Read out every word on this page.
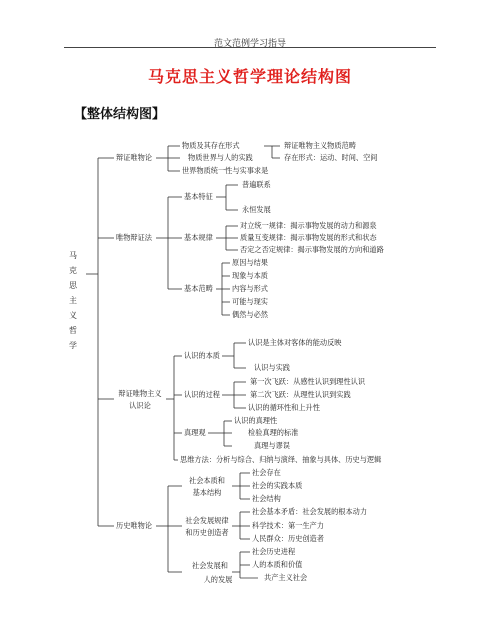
范文范例学习指导
马克思主义哲学理论结构图
【整体结构图】
马
克
思
主
义
哲
学
辩证唯物论
唯物辩证法
辩证唯物主义
认识论
历史唯物论
物质及其存在形式	辩证唯物主义物质范畴
存在形式：运动、时间、空间
物质世界与人的实践
世界物质统一性与实事求是
基本特征
普遍联系
永恒发展
基本规律
对立统一规律：揭示事物发展的动力和源泉
质量互变规律：揭示事物发展的形式和状态
否定之否定规律：揭示事物发展的方向和道路
基本范畴
原因与结果
现象与本质
内容与形式
可能与现实
偶然与必然
认识的本质
认识是主体对客体的能动反映
认识与实践
认识的过程
第一次飞跃：从感性认识到理性认识
第二次飞跃：从理性认识到实践
认识的循环性和上升性
真理观
认识的真理性
检验真理的标准
真理与谬误
思维方法：分析与综合、归纳与演绎、抽象与具体、历史与逻辑
社会本质和
基本结构
社会存在
社会的实践本质
社会结构
社会发展规律
和历史创造者
社会基本矛盾：社会发展的根本动力
科学技术：第一生产力
人民群众：历史创造者
社会发展和
人的发展
社会历史进程
人的本质和价值
共产主义社会
